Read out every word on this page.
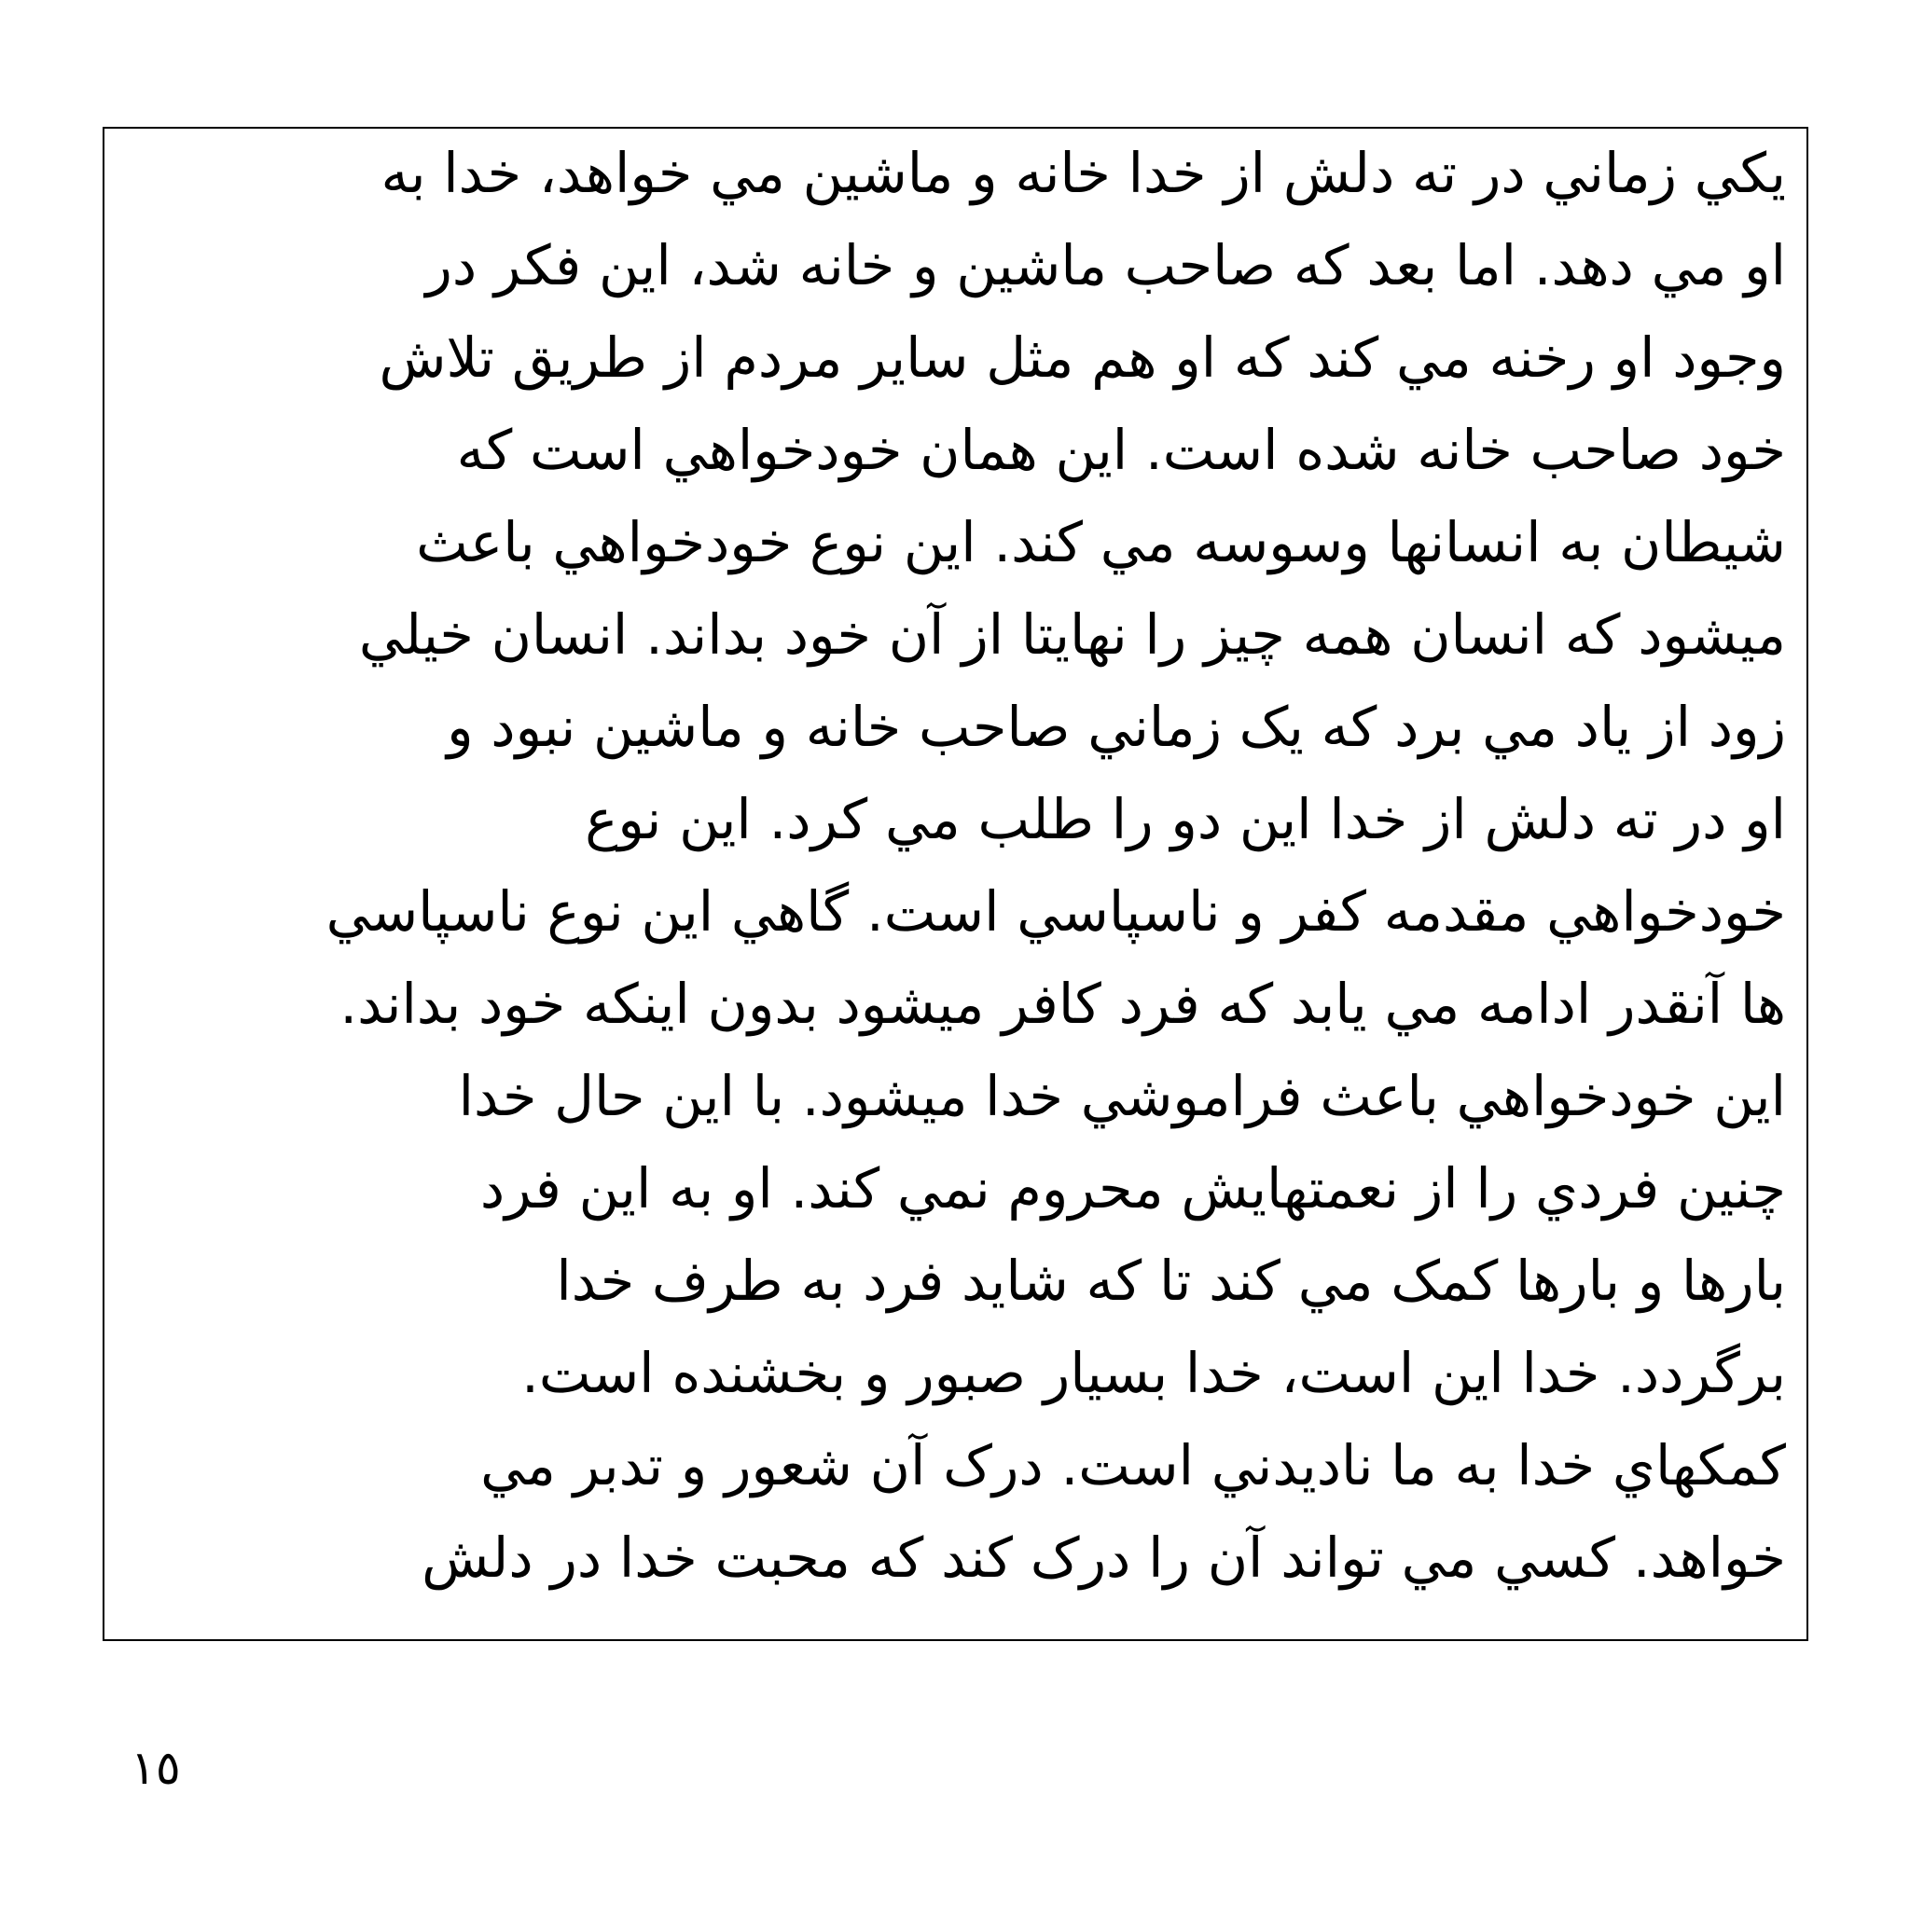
يكي زماني در ته دلش از خدا خانه و ماشين مي خواهد، خدا به
او مي دهد. اما بعد كه صاحب ماشين و خانه شد، اين فكر در
وجود او رخنه مي كند كه او هم مثل ساير مردم از طريق تلاش
خود صاحب خانه شده است. اين همان خودخواهي است كه
شيطان به انسانها وسوسه مي كند. اين نوع خودخواهي باعث
ميشود كه انسان همه چيز را نهايتا از آن خود بداند. انسان خيلي
زود از ياد مي برد كه يک زماني صاحب خانه و ماشين نبود و
او در ته دلش از خدا اين دو را طلب مي كرد. اين نوع
خودخواهي مقدمه كفر و ناسپاسي است. گاهي اين نوع ناسپاسي
ها آنقدر ادامه مي يابد كه فرد كافر ميشود بدون اينكه خود بداند.
اين خودخواهي باعث فراموشي خدا ميشود. با اين حال خدا
چنين فردي را از نعمتهايش محروم نمي كند. او به اين فرد
بارها و بارها كمک مي كند تا كه شايد فرد به طرف خدا
برگردد. خدا اين است، خدا بسيار صبور و بخشنده است.
كمكهاي خدا به ما ناديدني است. درک آن شعور و تدبر مي
خواهد. كسي مي تواند آن را درک كند كه محبت خدا در دلش
١٥
